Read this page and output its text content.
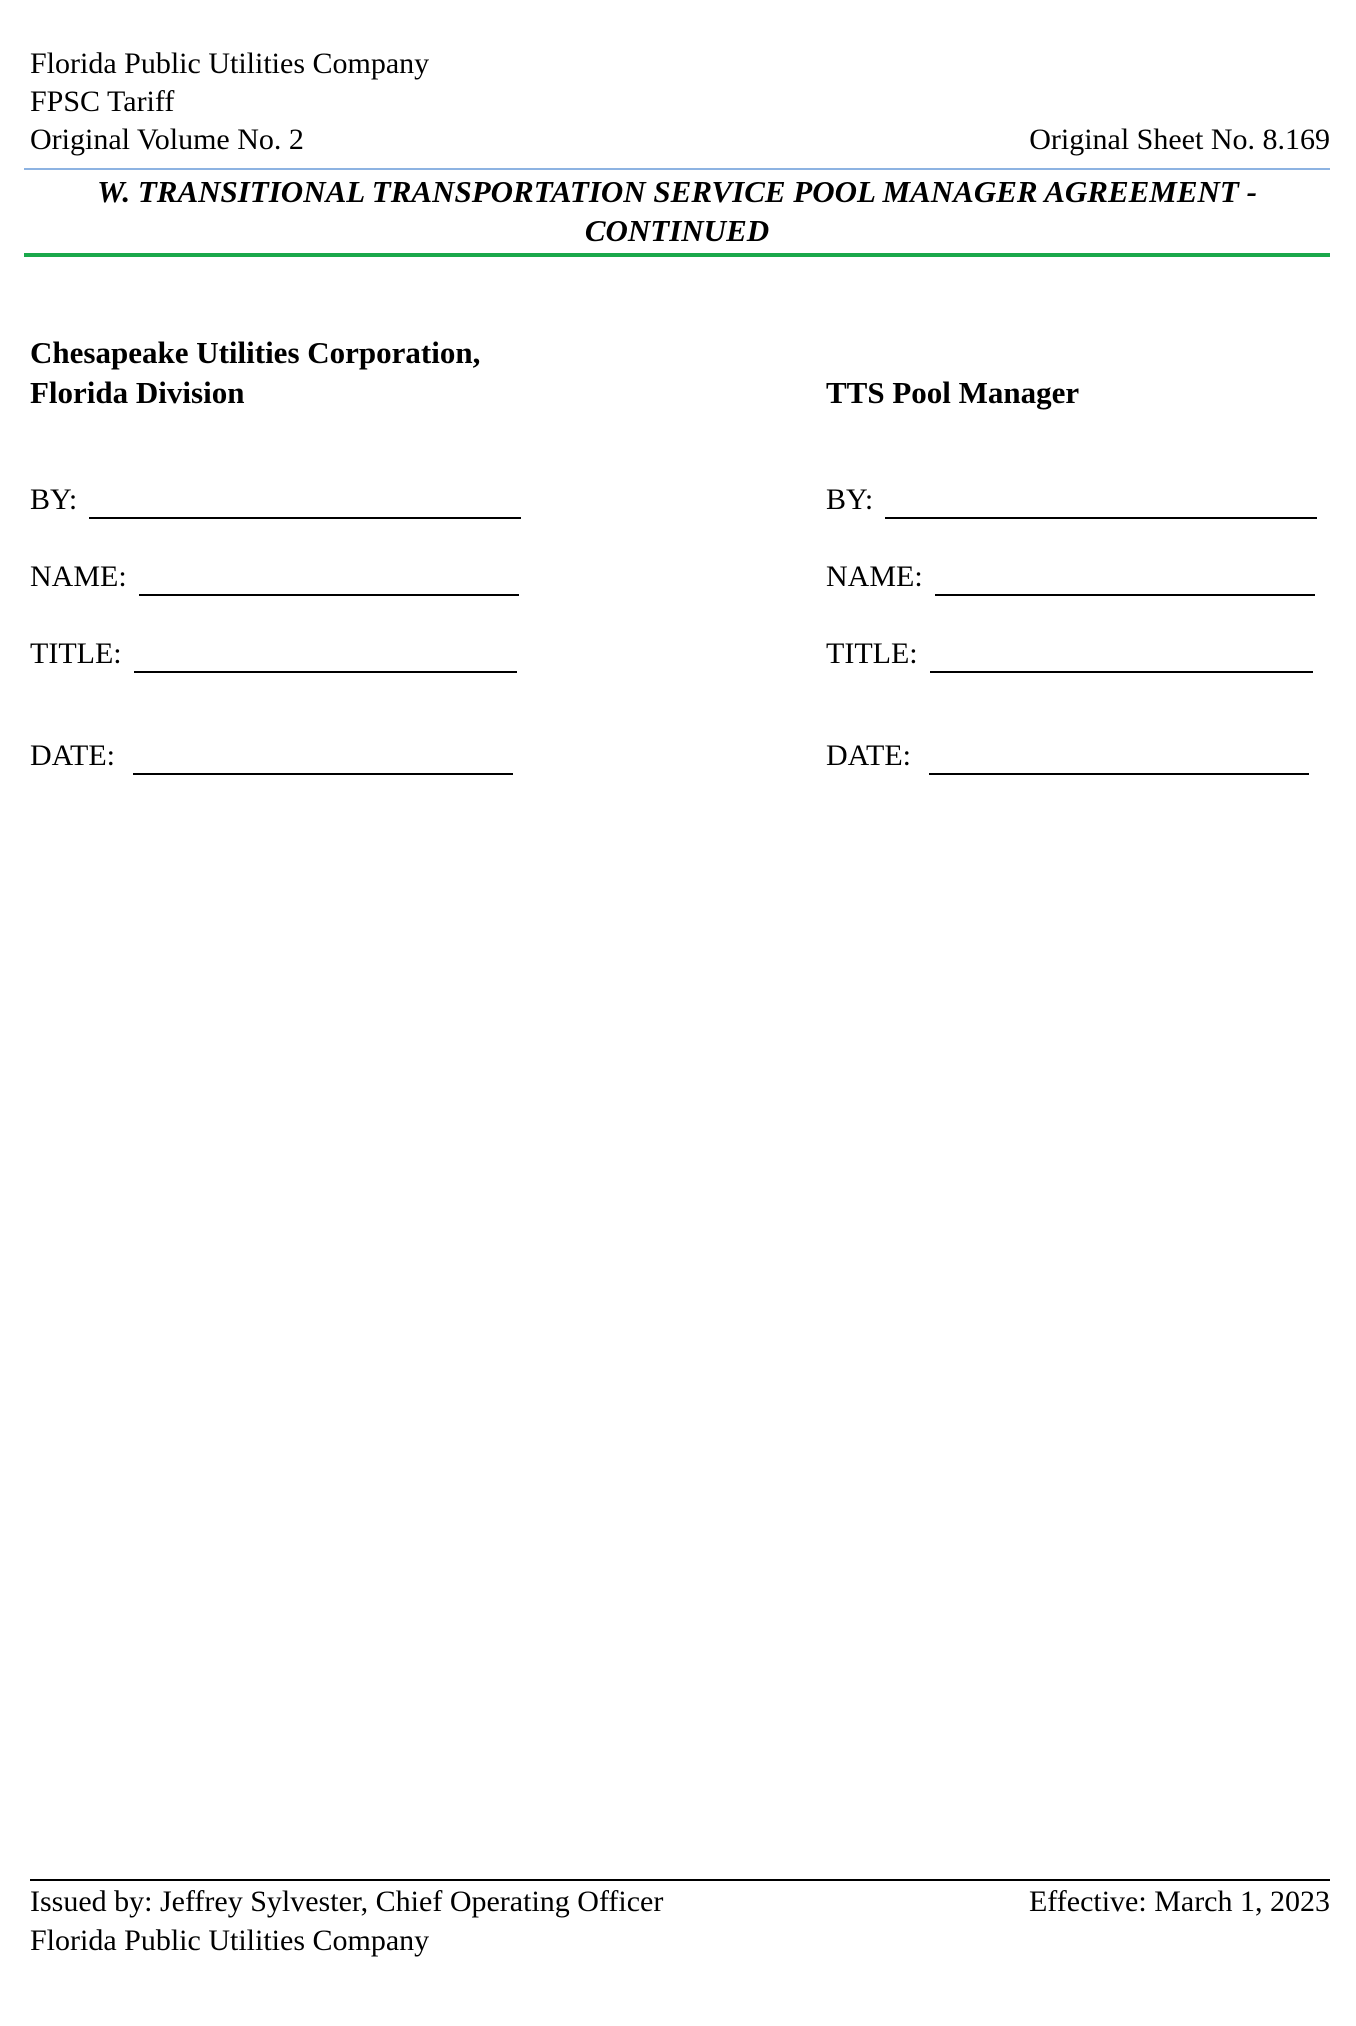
Florida Public Utilities Company
FPSC Tariff
Original Volume No. 2	Original Sheet No. 8.169
W. TRANSITIONAL TRANSPORTATION SERVICE POOL MANAGER AGREEMENT - CONTINUED
Chesapeake Utilities Corporation,
Florida Division	TTS Pool Manager
BY:
NAME:
TITLE:
DATE:
BY:
NAME:
TITLE:
DATE:
Issued by: Jeffrey Sylvester, Chief Operating Officer
Florida Public Utilities Company
Effective: March 1, 2023
